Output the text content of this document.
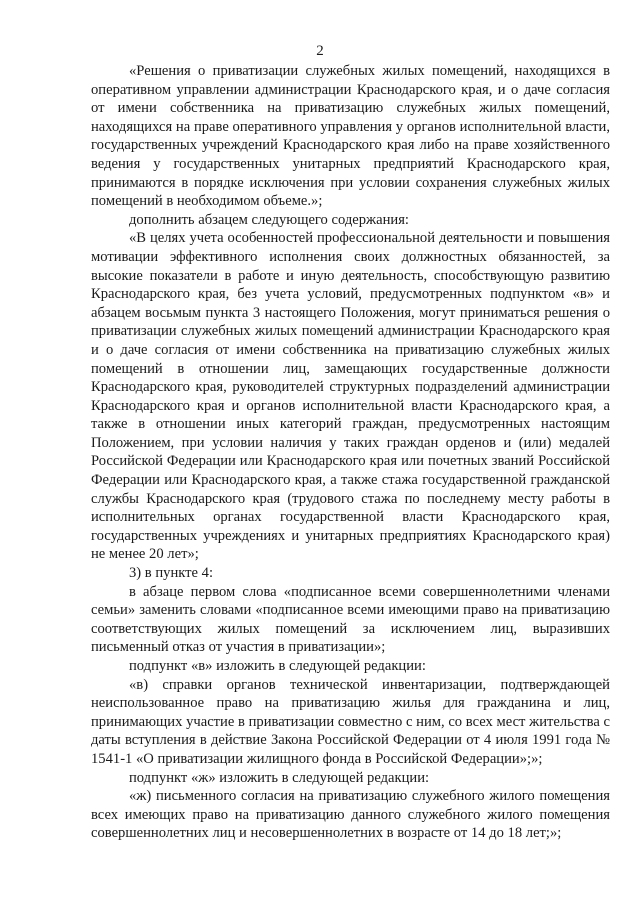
2

«Решения о приватизации служебных жилых помещений, находящихся в оперативном управлении администрации Краснодарского края, и о даче согласия от имени собственника на приватизацию служебных жилых помещений, находящихся на праве оперативного управления у органов исполнительной власти, государственных учреждений Краснодарского края либо на праве хозяйственного ведения у государственных унитарных предприятий Краснодарского края, принимаются в порядке исключения при условии сохранения служебных жилых помещений в необходимом объеме.»;

дополнить абзацем следующего содержания:

«В целях учета особенностей профессиональной деятельности и повышения мотивации эффективного исполнения своих должностных обязанностей, за высокие показатели в работе и иную деятельность, способствующую развитию Краснодарского края, без учета условий, предусмотренных подпунктом «в» и абзацем восьмым пункта 3 настоящего Положения, могут приниматься решения о приватизации служебных жилых помещений администрации Краснодарского края и о даче согласия от имени собственника на приватизацию служебных жилых помещений в отношении лиц, замещающих государственные должности Краснодарского края, руководителей структурных подразделений администрации Краснодарского края и органов исполнительной власти Краснодарского края, а также в отношении иных категорий граждан, предусмотренных настоящим Положением, при условии наличия у таких граждан орденов и (или) медалей Российской Федерации или Краснодарского края или почетных званий Российской Федерации или Краснодарского края, а также стажа государственной гражданской службы Краснодарского края (трудового стажа по последнему месту работы в исполнительных органах государственной власти Краснодарского края, государственных учреждениях и унитарных предприятиях Краснодарского края) не менее 20 лет»;

3) в пункте 4:

в абзаце первом слова «подписанное всеми совершеннолетними членами семьи» заменить словами «подписанное всеми имеющими право на приватизацию соответствующих жилых помещений за исключением лиц, выразивших письменный отказ от участия в приватизации»;

подпункт «в» изложить в следующей редакции:

«в) справки органов технической инвентаризации, подтверждающей неиспользованное право на приватизацию жилья для гражданина и лиц, принимающих участие в приватизации совместно с ним, со всех мест жительства с даты вступления в действие Закона Российской Федерации от 4 июля 1991 года № 1541-1 «О приватизации жилищного фонда в Российской Федерации»;»;

подпункт «ж» изложить в следующей редакции:

«ж) письменного согласия на приватизацию служебного жилого помещения всех имеющих право на приватизацию данного служебного жилого помещения совершеннолетних лиц и несовершеннолетних в возрасте от 14 до 18 лет;»;
